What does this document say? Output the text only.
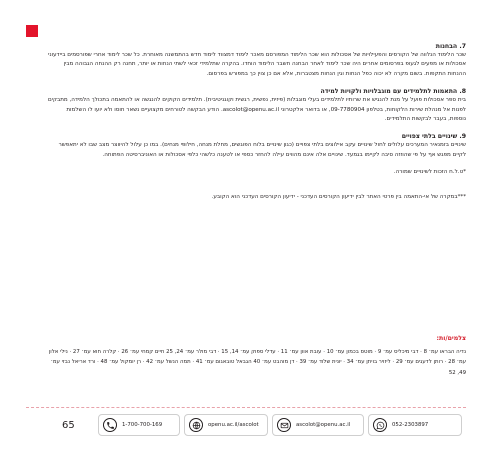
7. הבחנות

שכר הלימוד הנלווה של הקורסים והפעילויות של אסכולות הוא שכר הלימוד המפורסם מאכר לימוד דמצווד לימוד חדש בהתמשנה מאוחרת. כל שכר לימוד אחרי שפורסמים ביידעוני אסכולות או מפעים לגעופ בפרסומים אחרים היה שכר לימוד לאחר הבחנה חשבר הלימוד הוחדו. בהקרה שתלמידי זכאי לשתי הנחות או יותר, תחנה רק ההנחה הגבוהה מבין ההנחות התקפות. בשום מקרה לא יכוה כפל הנחות וגין הנחות מצטברות, אלא אם כן צוין כך במפורש בפרסום.

8. התאמות לתלמידים עם מוגבלויות ולקויות למידה

בית ספר אסכולות פועל על מנת להנגיש את שרותיו לתלמידים בעלי מוגבלות (פיזית, נפשית, רגשית וקוגניטיבית). תלמידים הקוקים להנגשה או להתאמה בתכולך הלמידה, מתבקים לפנות אל מנהלת שירות הלקוחות, בטלפון 09-7780904, או בדואר אלקטרוני ascolot@openu.ac.il. הודע הבקשה לטורחים מקצועיים נשאר חוסו ולא יועו לו השלמות נוספות, בעבר לבקשות התלמידים.

9. שינויים בלתי צפויים

שינויים בזמנאיר המערכים עלולים לחול שינויים עקב אילוצים בלתי צפויים (כגון שינויים בלוח הפוגשים, מחלת מנחה, חילופי מנחים). במו כן עלול להיווצר מצב שבו לא יתאפשר לקיים מפגש אף על פי שהוזזה סיבה לקיימו בגמעד. שינויים אלה אינם מהווים עילה להחזר כספי או לטענה כלשהי כלפי אסכולות או האוניברסיטה הפתוחה.

*ט.ל.ח הזכות לשינויים שמורה.

***במקרה של אי-התאמה בין פרטי האתר לבין ידיעון הקורסים העדכני - ידיעון הקורסים העדכני הוא הקובע.

צלמים/ות:

נדיה הבראו עמ׳ 8 · דבי מיכליס עמ׳ 9 · מוטס בכמון עמ׳ 10 · עובת אוון עמ׳ 11 · עדלי ספוק עמ׳ 14, 15 · דבי מולר עמ׳ 24, 25 חיים קמחי עמ׳ 26 · קלרה חוא עמ׳ 27 · נילי אלון עמ׳ 28 · רותן לדעגים עמ׳ 29 · ליזויר בויתן עמ׳ 34 · יונית שלוד עמ׳ 39 · דן מוהבט עמ׳ 40 הגבאל טובאגום עמ׳ 41 · תמה הנשל עמ׳ 42 · רן יומקול עמ׳ 48 · ורד אריאל נבזי עמ׳ 49, 52

65	1-700-700-169	openu.ac.il/ascolot	ascolot@openu.ac.il	052-2303897
